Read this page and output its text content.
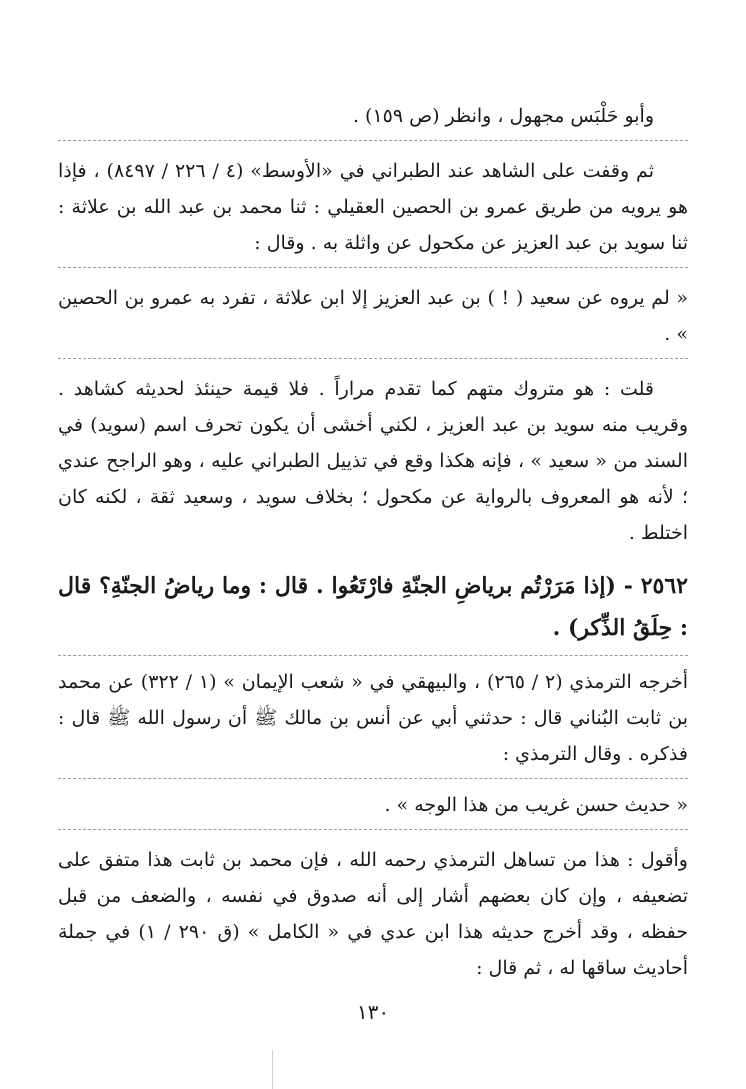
وأبو حَلْبَس مجهول ، وانظر (ص ١٥٩) .

ثم وقفت على الشاهد عند الطبراني في «الأوسط» (٤ / ٢٢٦ / ٨٤٩٧) ، فإذا هو يرويه من طريق عمرو بن الحصين العقيلي : ثنا محمد بن عبد الله بن علاثة : ثنا سويد بن عبد العزيز عن مكحول عن واثلة به . وقال :

« لم يروه عن سعيد ( ! ) بن عبد العزيز إلا ابن علاثة ، تفرد به عمرو بن الحصين » .

قلت : هو متروك متهم كما تقدم مراراً . فلا قيمة حينئذ لحديثه كشاهد . وقريب منه سويد بن عبد العزيز ، لكني أخشى أن يكون تحرف اسم (سويد) في السند من « سعيد » ، فإنه هكذا وقع في تذييل الطبراني عليه ، وهو الراجح عندي ؛ لأنه هو المعروف بالرواية عن مكحول ؛ بخلاف سويد ، وسعيد ثقة ، لكنه كان اختلط .

٢٥٦٢ - (إذا مَرَرْتُم برياضِ الجنّةِ فارْتَعُوا . قال : وما رياضُ الجنّةِ؟ قال : حِلَقُ الذِّكر) .

أخرجه الترمذي (٢ / ٢٦٥) ، والبيهقي في « شعب الإيمان » (١ / ٣٢٢) عن محمد بن ثابت البُناني قال : حدثني أبي عن أنس بن مالك ﷺ أن رسول الله ﷺ قال : فذكره . وقال الترمذي :

« حديث حسن غريب من هذا الوجه » .

وأقول : هذا من تساهل الترمذي رحمه الله ، فإن محمد بن ثابت هذا متفق على تضعيفه ، وإن كان بعضهم أشار إلى أنه صدوق في نفسه ، والضعف من قبل حفظه ، وقد أخرج حديثه هذا ابن عدي في « الكامل » (ق ٢٩٠ / ١) في جملة أحاديث ساقها له ، ثم قال :

١٣٠
